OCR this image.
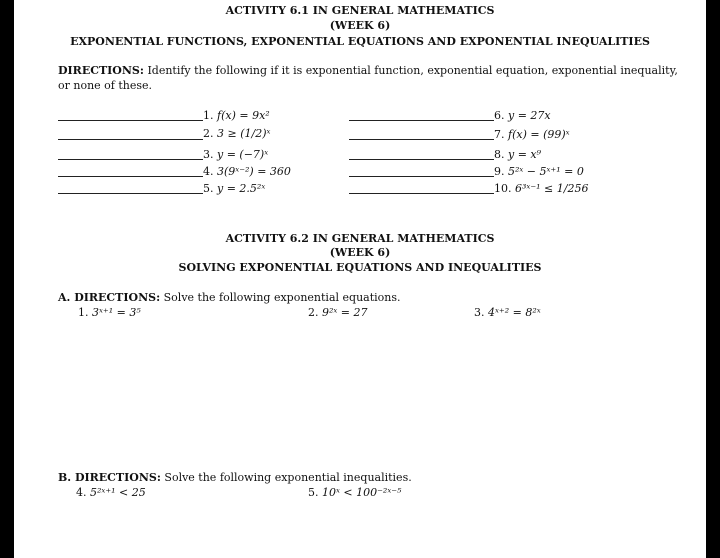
ACTIVITY 6.1 IN GENERAL MATHEMATICS
(WEEK 6)
EXPONENTIAL FUNCTIONS, EXPONENTIAL EQUATIONS AND EXPONENTIAL INEQUALITIES
DIRECTIONS: Identify the following if it is exponential function, exponential equation, exponential inequality,
or none of these.
1. f(x) = 9x²
2. 3 ≥ (1/2)ˣ
3. y = (−7)ˣ
4. 3(9ˣ⁻²) = 360
5. y = 2.5²ˣ
6. y = 27x
7. f(x) = (99)ˣ
8. y = x⁹
9. 5²ˣ − 5ˣ⁺¹ = 0
10. 6³ˣ⁻¹ ≤ 1/256
ACTIVITY 6.2 IN GENERAL MATHEMATICS
(WEEK 6)
SOLVING EXPONENTIAL EQUATIONS AND INEQUALITIES
A. DIRECTIONS: Solve the following exponential equations.
1. 3ˣ⁺¹ = 3⁵	2. 9²ˣ = 27	3. 4ˣ⁺² = 8²ˣ
B. DIRECTIONS: Solve the following exponential inequalities.
4. 5²ˣ⁺¹ < 25	5. 10ˣ < 100⁻²ˣ⁻⁵
